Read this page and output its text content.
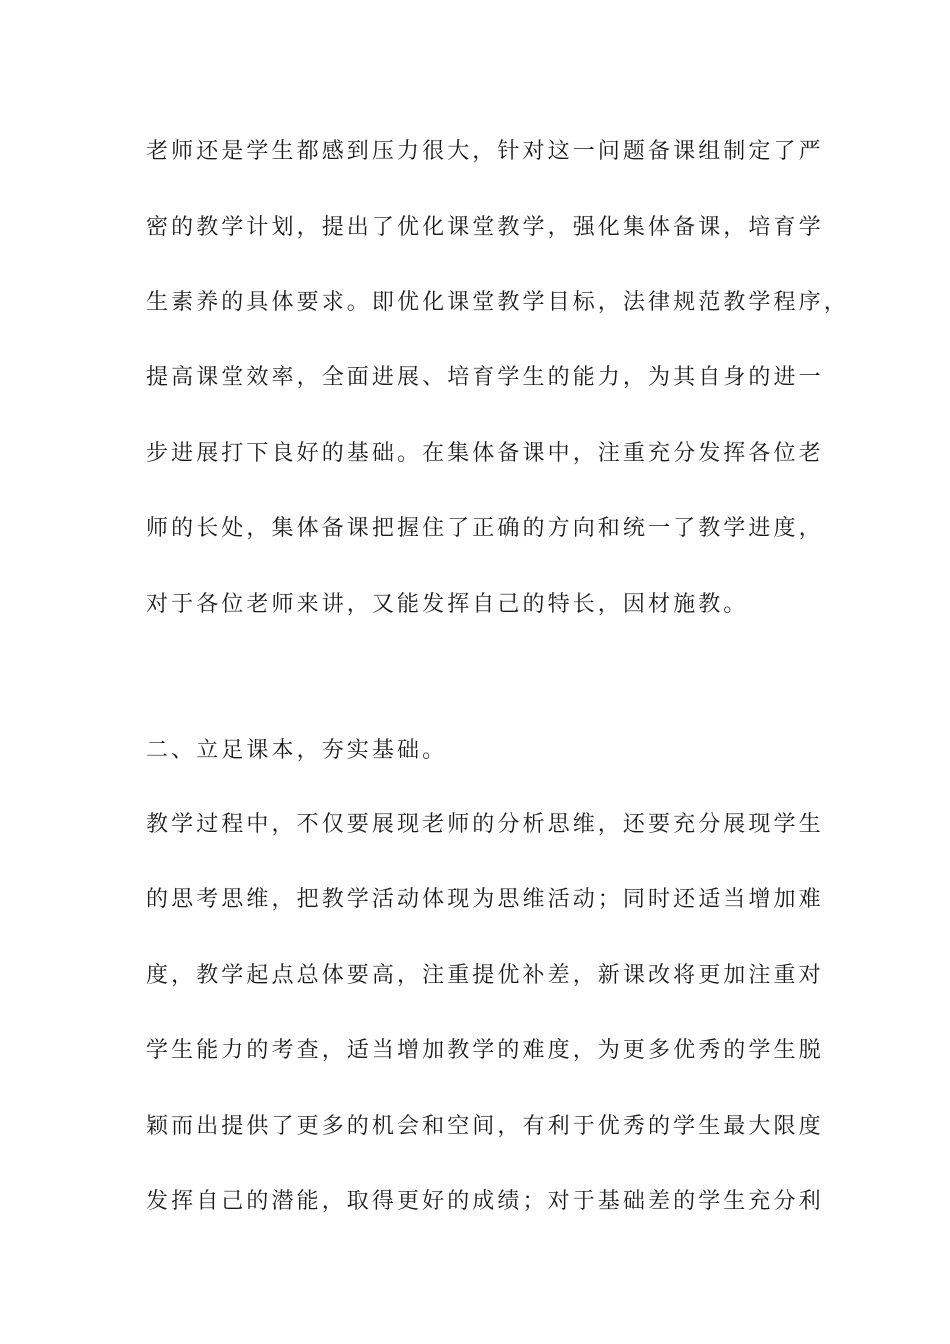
老师还是学生都感到压力很大，针对这一问题备课组制定了严
密的教学计划，提出了优化课堂教学，强化集体备课，培育学
生素养的具体要求。即优化课堂教学目标，法律规范教学程序，
提高课堂效率，全面进展、培育学生的能力，为其自身的进一
步进展打下良好的基础。在集体备课中，注重充分发挥各位老
师的长处，集体备课把握住了正确的方向和统一了教学进度，
对于各位老师来讲，又能发挥自己的特长，因材施教。
二、立足课本，夯实基础。
教学过程中，不仅要展现老师的分析思维，还要充分展现学生
的思考思维，把教学活动体现为思维活动；同时还适当增加难
度，教学起点总体要高，注重提优补差，新课改将更加注重对
学生能力的考查，适当增加教学的难度，为更多优秀的学生脱
颖而出提供了更多的机会和空间，有利于优秀的学生最大限度
发挥自己的潜能，取得更好的成绩；对于基础差的学生充分利
